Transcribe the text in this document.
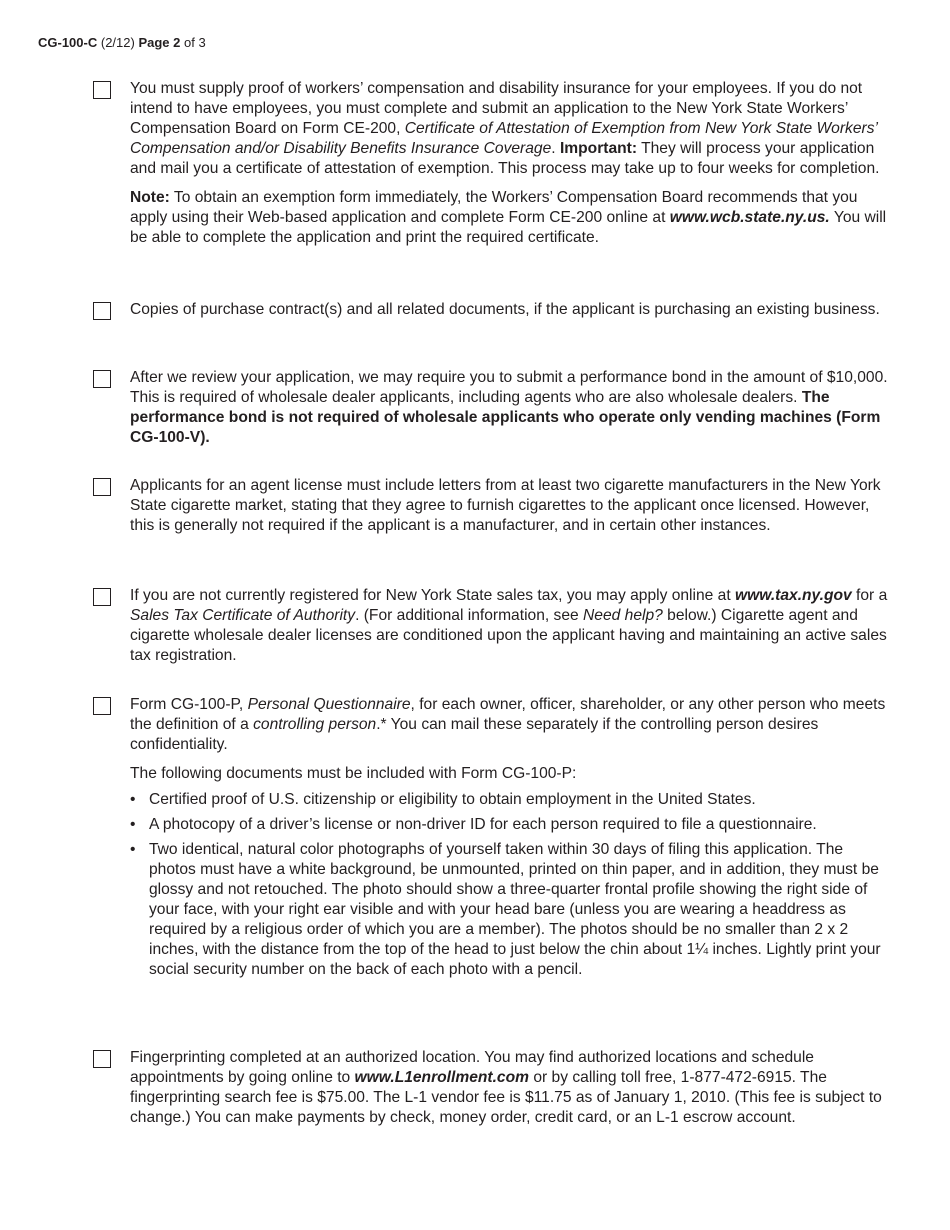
CG-100-C (2/12) Page 2 of 3

You must supply proof of workers’ compensation and disability insurance for your employees. If you do not intend to have employees, you must complete and submit an application to the New York State Workers’ Compensation Board on Form CE-200, Certificate of Attestation of Exemption from New York State Workers’ Compensation and/or Disability Benefits Insurance Coverage. Important: They will process your application and mail you a certificate of attestation of exemption. This process may take up to four weeks for completion.

Note: To obtain an exemption form immediately, the Workers’ Compensation Board recommends that you apply using their Web-based application and complete Form CE-200 online at www.wcb.state.ny.us. You will be able to complete the application and print the required certificate.

Copies of purchase contract(s) and all related documents, if the applicant is purchasing an existing business.

After we review your application, we may require you to submit a performance bond in the amount of $10,000. This is required of wholesale dealer applicants, including agents who are also wholesale dealers. The performance bond is not required of wholesale applicants who operate only vending machines (Form CG-100-V).

Applicants for an agent license must include letters from at least two cigarette manufacturers in the New York State cigarette market, stating that they agree to furnish cigarettes to the applicant once licensed. However, this is generally not required if the applicant is a manufacturer, and in certain other instances.

If you are not currently registered for New York State sales tax, you may apply online at www.tax.ny.gov for a Sales Tax Certificate of Authority. (For additional information, see Need help? below.) Cigarette agent and cigarette wholesale dealer licenses are conditioned upon the applicant having and maintaining an active sales tax registration.

Form CG-100-P, Personal Questionnaire, for each owner, officer, shareholder, or any other person who meets the definition of a controlling person.* You can mail these separately if the controlling person desires confidentiality.

The following documents must be included with Form CG-100-P:

• Certified proof of U.S. citizenship or eligibility to obtain employment in the United States.
• A photocopy of a driver’s license or non-driver ID for each person required to file a questionnaire.
• Two identical, natural color photographs of yourself taken within 30 days of filing this application. The photos must have a white background, be unmounted, printed on thin paper, and in addition, they must be glossy and not retouched. The photo should show a three-quarter frontal profile showing the right side of your face, with your right ear visible and with your head bare (unless you are wearing a headdress as required by a religious order of which you are a member). The photos should be no smaller than 2 x 2 inches, with the distance from the top of the head to just below the chin about 1¼ inches. Lightly print your social security number on the back of each photo with a pencil.

Fingerprinting completed at an authorized location. You may find authorized locations and schedule appointments by going online to www.L1enrollment.com or by calling toll free, 1-877-472-6915. The fingerprinting search fee is $75.00. The L-1 vendor fee is $11.75 as of January 1, 2010. (This fee is subject to change.) You can make payments by check, money order, credit card, or an L-1 escrow account.
